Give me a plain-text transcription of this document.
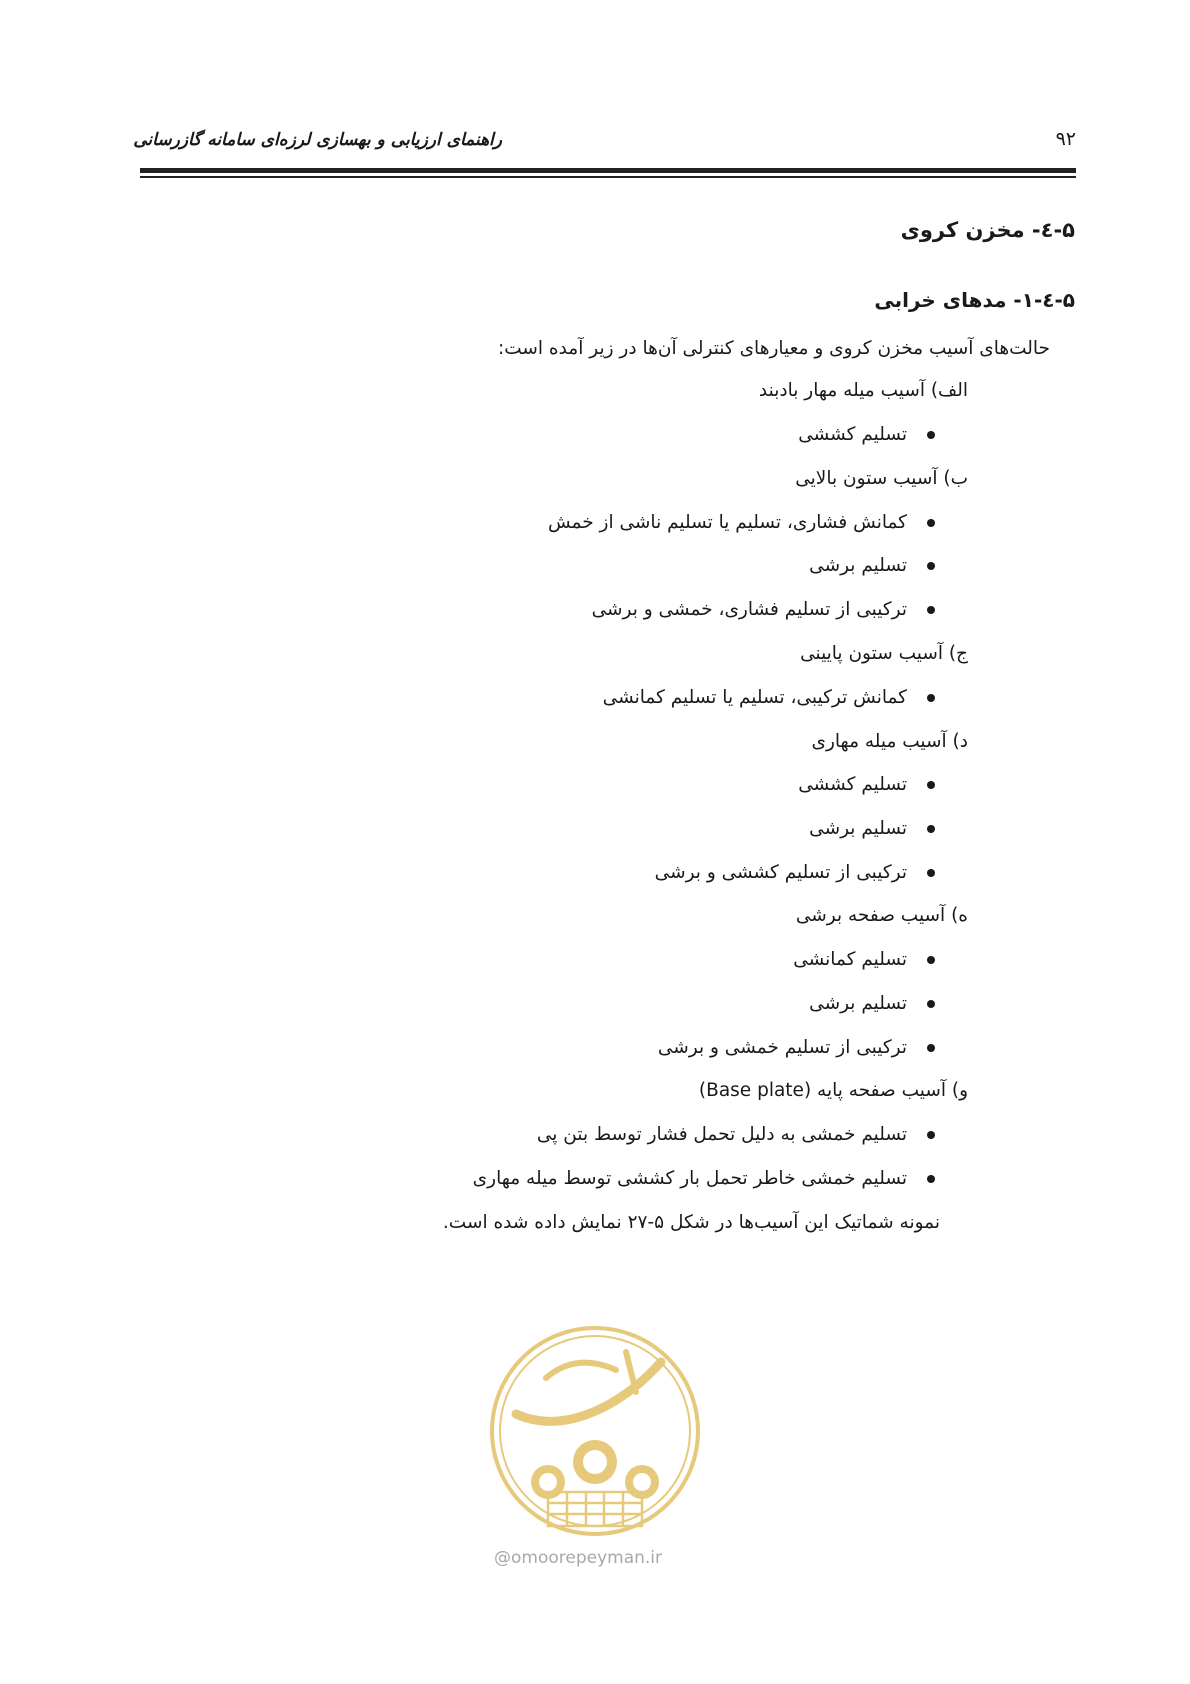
راهنمای ارزیابی و بهسازی لرزه‌ای سامانه گازرسانی	۹۲
۵-٤- مخزن کروی
۵-٤-۱- مدهای خرابی
حالت‌های آسیب مخزن کروی و معیارهای کنترلی آن‌ها در زیر آمده است:
الف) آسیب میله مهار بادبند
تسلیم کششی
ب) آسیب ستون بالایی
کمانش فشاری، تسلیم یا تسلیم ناشی از خمش
تسلیم برشی
ترکیبی از تسلیم فشاری، خمشی و برشی
ج) آسیب ستون پایینی
کمانش ترکیبی، تسلیم یا تسلیم کمانشی
د) آسیب میله مهاری
تسلیم کششی
تسلیم برشی
ترکیبی از تسلیم کششی و برشی
ه) آسیب صفحه برشی
تسلیم کمانشی
تسلیم برشی
ترکیبی از تسلیم خمشی و برشی
و) آسیب صفحه پایه (Base plate)
تسلیم خمشی به دلیل تحمل فشار توسط بتن پی
تسلیم خمشی خاطر تحمل بار کششی توسط میله مهاری
نمونه شماتیک این آسیب‌ها در شکل ۵-۲۷ نمایش داده شده است.
@omoorepeyman.ir
